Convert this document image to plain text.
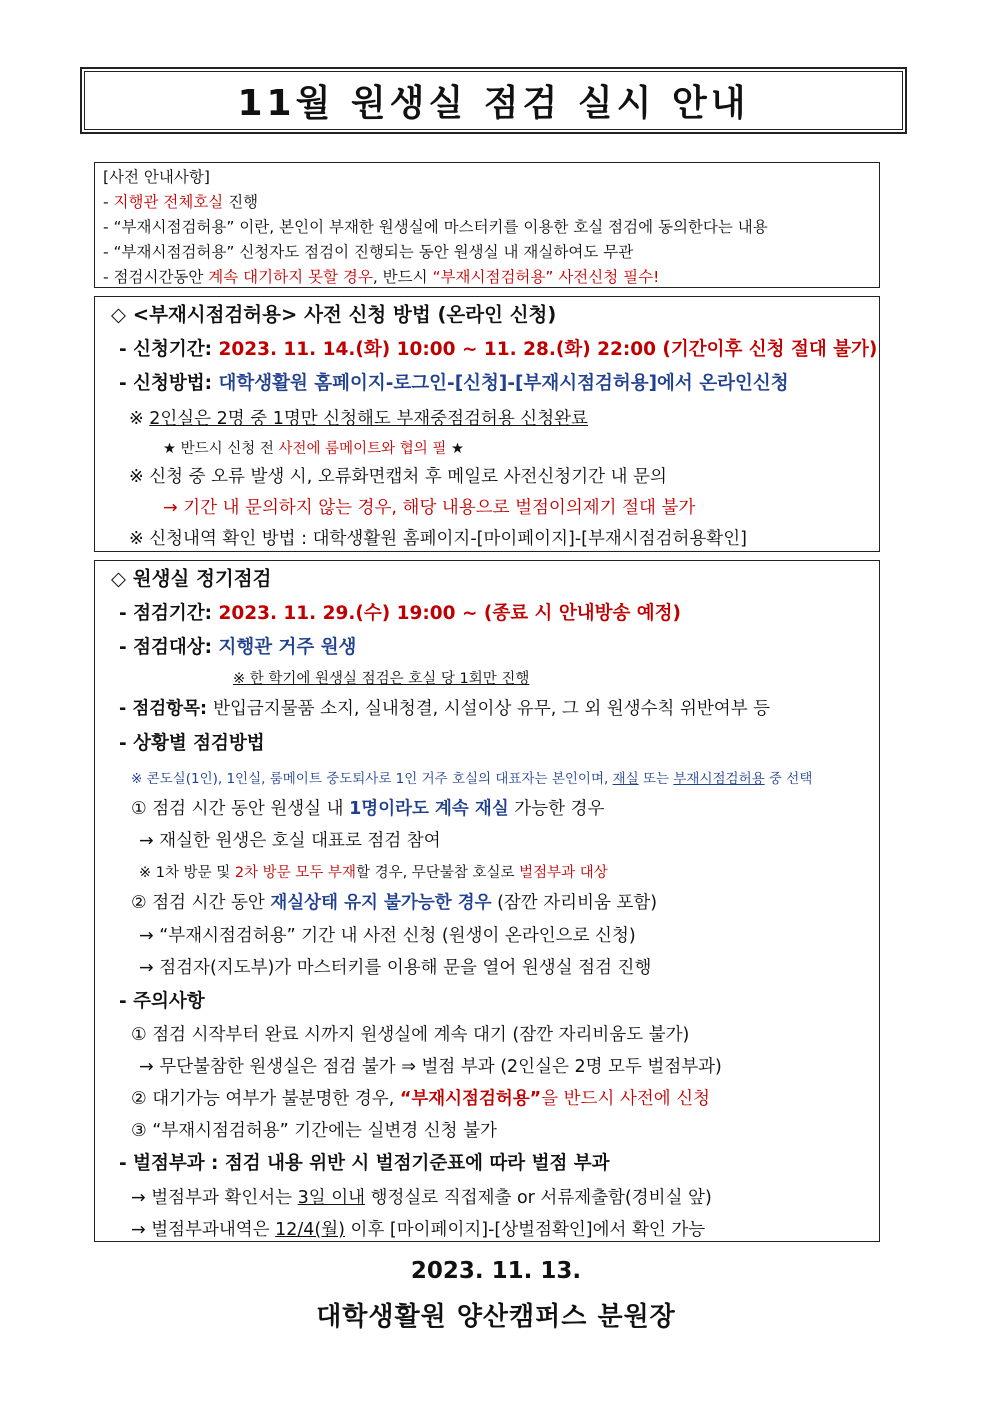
11월 원생실 점검 실시 안내
[사전 안내사항]
- 지행관 전체호실 진행
- “부재시점검허용” 이란, 본인이 부재한 원생실에 마스터키를 이용한 호실 점검에 동의한다는 내용
- “부재시점검허용” 신청자도 점검이 진행되는 동안 원생실 내 재실하여도 무관
- 점검시간동안 계속 대기하지 못할 경우, 반드시 “부재시점검허용” 사전신청 필수!
◇ <부재시점검허용> 사전 신청 방법 (온라인 신청)
- 신청기간: 2023. 11. 14.(화) 10:00 ~ 11. 28.(화) 22:00 (기간이후 신청 절대 불가)
- 신청방법: 대학생활원 홈페이지-로그인-[신청]-[부재시점검허용]에서 온라인신청
※ 2인실은 2명 중 1명만 신청해도 부재중점검허용 신청완료
★ 반드시 신청 전 사전에 룸메이트와 협의 필 ★
※ 신청 중 오류 발생 시, 오류화면캡처 후 메일로 사전신청기간 내 문의
→ 기간 내 문의하지 않는 경우, 해당 내용으로 벌점이의제기 절대 불가
※ 신청내역 확인 방법 : 대학생활원 홈페이지-[마이페이지]-[부재시점검허용확인]
◇ 원생실 정기점검
- 점검기간: 2023. 11. 29.(수) 19:00 ~ (종료 시 안내방송 예정)
- 점검대상: 지행관 거주 원생
※ 한 학기에 원생실 점검은 호실 당 1회만 진행
- 점검항목: 반입금지물품 소지, 실내청결, 시설이상 유무, 그 외 원생수칙 위반여부 등
- 상황별 점검방법
※ 콘도실(1인), 1인실, 룸메이트 중도퇴사로 1인 거주 호실의 대표자는 본인이며, 재실 또는 부재시점검허용 중 선택
① 점검 시간 동안 원생실 내 1명이라도 계속 재실 가능한 경우
→ 재실한 원생은 호실 대표로 점검 참여
※ 1차 방문 및 2차 방문 모두 부재할 경우, 무단불참 호실로 벌점부과 대상
② 점검 시간 동안 재실상태 유지 불가능한 경우 (잠깐 자리비움 포함)
→ “부재시점검허용” 기간 내 사전 신청 (원생이 온라인으로 신청)
→ 점검자(지도부)가 마스터키를 이용해 문을 열어 원생실 점검 진행
- 주의사항
① 점검 시작부터 완료 시까지 원생실에 계속 대기 (잠깐 자리비움도 불가)
→ 무단불참한 원생실은 점검 불가 ⇒ 벌점 부과 (2인실은 2명 모두 벌점부과)
② 대기가능 여부가 불분명한 경우, “부재시점검허용”을 반드시 사전에 신청
③ “부재시점검허용” 기간에는 실변경 신청 불가
- 벌점부과 : 점검 내용 위반 시 벌점기준표에 따라 벌점 부과
→ 벌점부과 확인서는 3일 이내 행정실로 직접제출 or 서류제출함(경비실 앞)
→ 벌점부과내역은 12/4(월) 이후 [마이페이지]-[상벌점확인]에서 확인 가능
2023. 11. 13.
대학생활원 양산캠퍼스 분원장
